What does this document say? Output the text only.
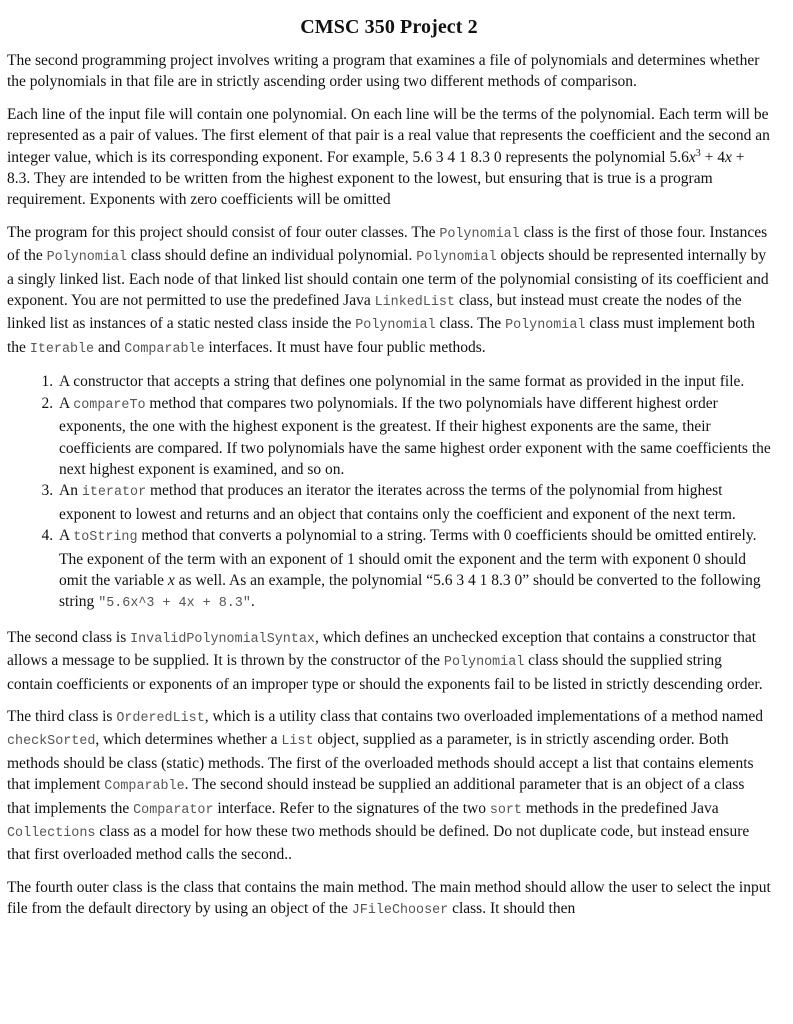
CMSC 350 Project 2

The second programming project involves writing a program that examines a file of polynomials and determines whether the polynomials in that file are in strictly ascending order using two different methods of comparison.

Each line of the input file will contain one polynomial. On each line will be the terms of the polynomial. Each term will be represented as a pair of values. The first element of that pair is a real value that represents the coefficient and the second an integer value, which is its corresponding exponent. For example, 5.6 3 4 1 8.3 0 represents the polynomial $5.6x^3 + 4x + 8.3$. They are intended to be written from the highest exponent to the lowest, but ensuring that is true is a program requirement. Exponents with zero coefficients will be omitted

The program for this project should consist of four outer classes. The Polynomial class is the first of those four. Instances of the Polynomial class should define an individual polynomial. Polynomial objects should be represented internally by a singly linked list. Each node of that linked list should contain one term of the polynomial consisting of its coefficient and exponent. You are not permitted to use the predefined Java LinkedList class, but instead must create the nodes of the linked list as instances of a static nested class inside the Polynomial class. The Polynomial class must implement both the Iterable and Comparable interfaces. It must have four public methods.

1. A constructor that accepts a string that defines one polynomial in the same format as provided in the input file.
2. A compareTo method that compares two polynomials. If the two polynomials have different highest order exponents, the one with the highest exponent is the greatest. If their highest exponents are the same, their coefficients are compared. If two polynomials have the same highest order exponent with the same coefficients the next highest exponent is examined, and so on.
3. An iterator method that produces an iterator the iterates across the terms of the polynomial from highest exponent to lowest and returns and an object that contains only the coefficient and exponent of the next term.
4. A toString method that converts a polynomial to a string. Terms with 0 coefficients should be omitted entirely. The exponent of the term with an exponent of 1 should omit the exponent and the term with exponent 0 should omit the variable x as well. As an example, the polynomial “5.6 3 4 1 8.3 0” should be converted to the following string "5.6x^3 + 4x + 8.3".

The second class is InvalidPolynomialSyntax, which defines an unchecked exception that contains a constructor that allows a message to be supplied. It is thrown by the constructor of the Polynomial class should the supplied string contain coefficients or exponents of an improper type or should the exponents fail to be listed in strictly descending order.

The third class is OrderedList, which is a utility class that contains two overloaded implementations of a method named checkSorted, which determines whether a List object, supplied as a parameter, is in strictly ascending order. Both methods should be class (static) methods. The first of the overloaded methods should accept a list that contains elements that implement Comparable. The second should instead be supplied an additional parameter that is an object of a class that implements the Comparator interface. Refer to the signatures of the two sort methods in the predefined Java Collections class as a model for how these two methods should be defined. Do not duplicate code, but instead ensure that first overloaded method calls the second..

The fourth outer class is the class that contains the main method. The main method should allow the user to select the input file from the default directory by using an object of the JFileChooser class. It should then
